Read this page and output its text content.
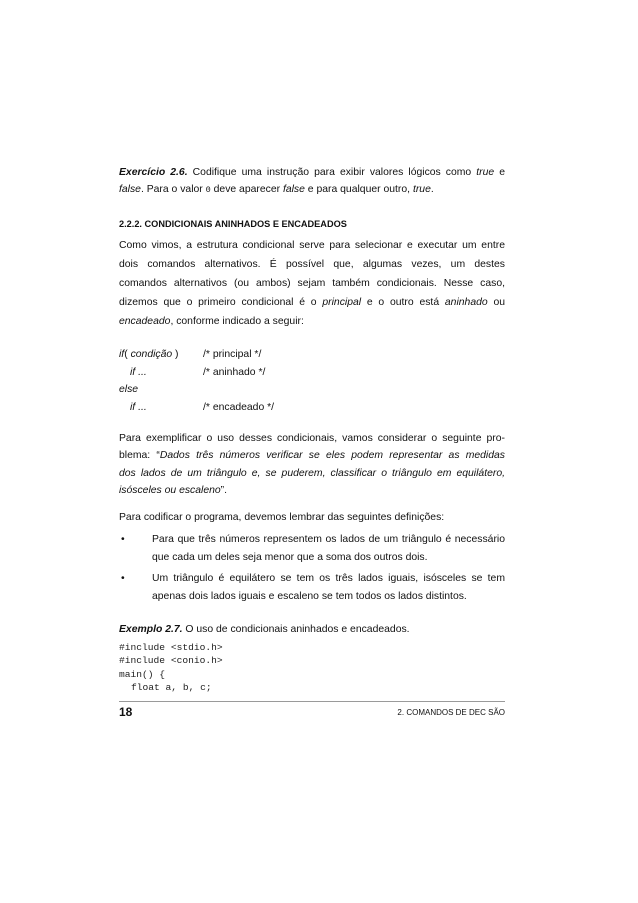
Exercício 2.6. Codifique uma instrução para exibir valores lógicos como true e
false. Para o valor 0 deve aparecer false e para qualquer outro, true.
2.2.2. CONDICIONAIS ANINHADOS E ENCADEADOS
Como vimos, a estrutura condicional serve para selecionar e executar um entre
dois comandos alternativos. É possível que, algumas vezes, um destes
comandos alternativos (ou ambos) sejam também condicionais. Nesse caso,
dizemos que o primeiro condicional é o principal e o outro está aninhado ou
encadeado, conforme indicado a seguir:
if( condição ) /* principal */
if ...	/* aninhado */
else
if ...	/* encadeado */
Para exemplificar o uso desses condicionais, vamos considerar o seguinte pro-
blema: “Dados três números verificar se eles podem representar as medidas
dos lados de um triângulo e, se puderem, classificar o triângulo em equilátero,
isósceles ou escaleno”.
Para codificar o programa, devemos lembrar das seguintes definições:
•	Para que três números representem os lados de um triângulo é necessário
que cada um deles seja menor que a soma dos outros dois.
•	Um triângulo é equilátero se tem os três lados iguais, isósceles se tem
apenas dois lados iguais e escaleno se tem todos os lados distintos.
Exemplo 2.7. O uso de condicionais aninhados e encadeados.
#include <stdio.h>
#include <conio.h>
main() {
float a, b, c;
18	2. COMANDOS DE DEC SÃO
